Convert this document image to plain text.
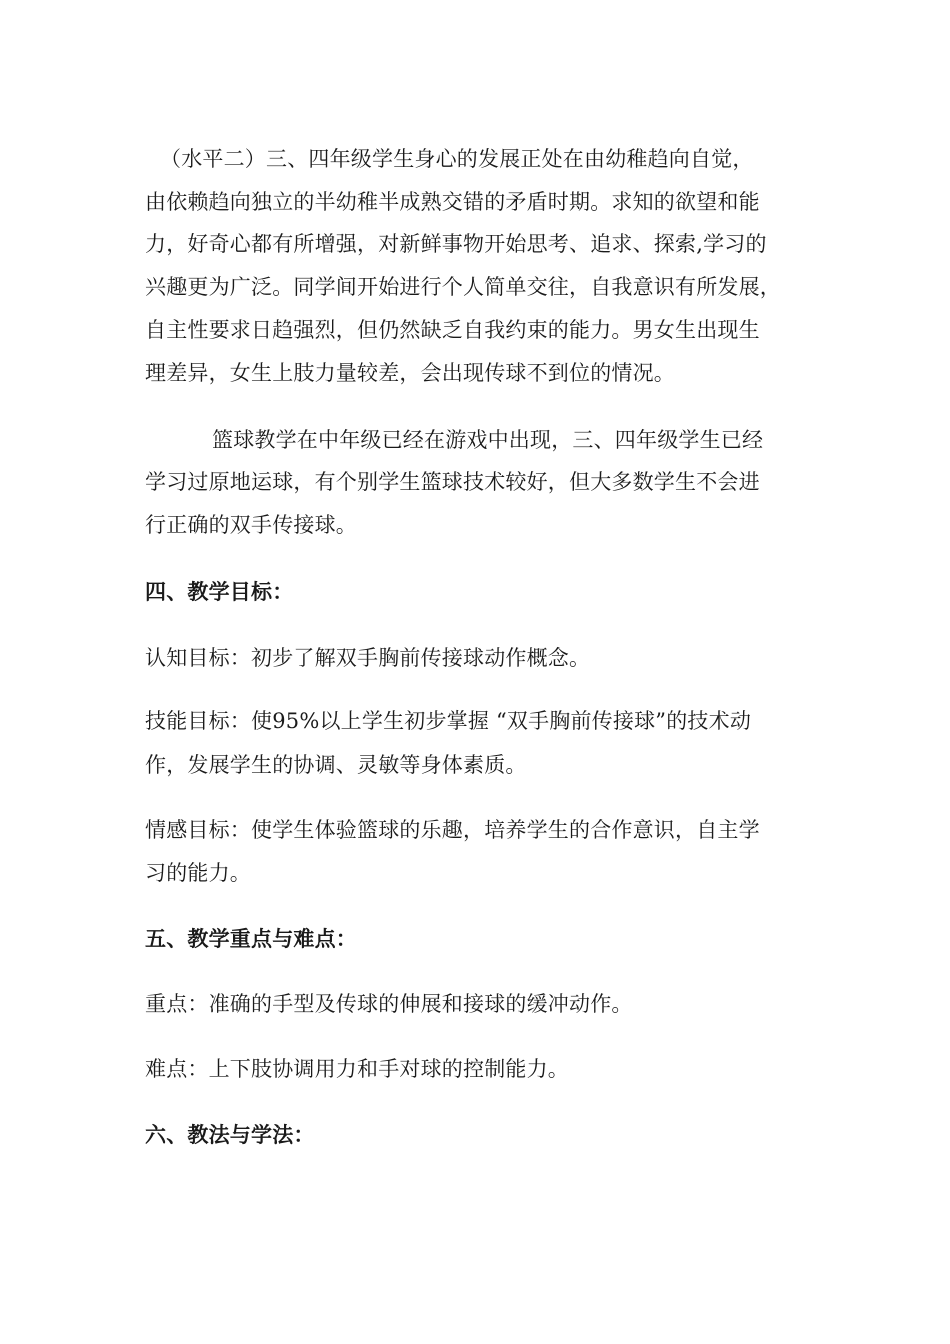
（水平二）三、四年级学生身心的发展正处在由幼稚趋向自觉，
由依赖趋向独立的半幼稚半成熟交错的矛盾时期。求知的欲望和能
力，好奇心都有所增强，对新鲜事物开始思考、追求、探索,学习的
兴趣更为广泛。同学间开始进行个人简单交往，自我意识有所发展，
自主性要求日趋强烈，但仍然缺乏自我约束的能力。男女生出现生
理差异，女生上肢力量较差，会出现传球不到位的情况。
篮球教学在中年级已经在游戏中出现，三、四年级学生已经
学习过原地运球，有个别学生篮球技术较好，但大多数学生不会进
行正确的双手传接球。
四、教学目标：
认知目标：初步了解双手胸前传接球动作概念。
技能目标：使95%以上学生初步掌握 “双手胸前传接球”的技术动
作，发展学生的协调、灵敏等身体素质。
情感目标：使学生体验篮球的乐趣，培养学生的合作意识，自主学
习的能力。
五、教学重点与难点：
重点：准确的手型及传球的伸展和接球的缓冲动作。
难点：上下肢协调用力和手对球的控制能力。
六、教法与学法：
